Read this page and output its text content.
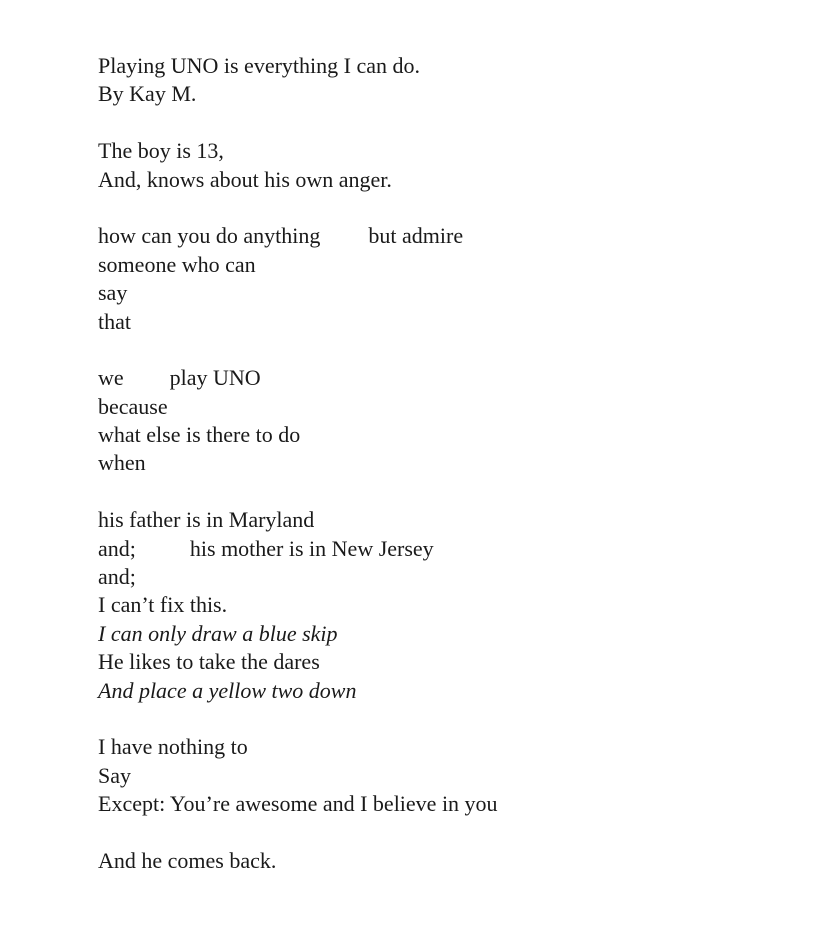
Playing UNO is everything I can do.
By Kay M.
The boy is 13,
And, knows about his own anger.
how can you do anything but admire
someone who can
say
that
we play UNO
because
what else is there to do
when
his father is in Maryland
and; his mother is in New Jersey
and;
I can’t fix this.
I can only draw a blue skip
He likes to take the dares
And place a yellow two down
I have nothing to
Say
Except: You’re awesome and I believe in you
And he comes back.
